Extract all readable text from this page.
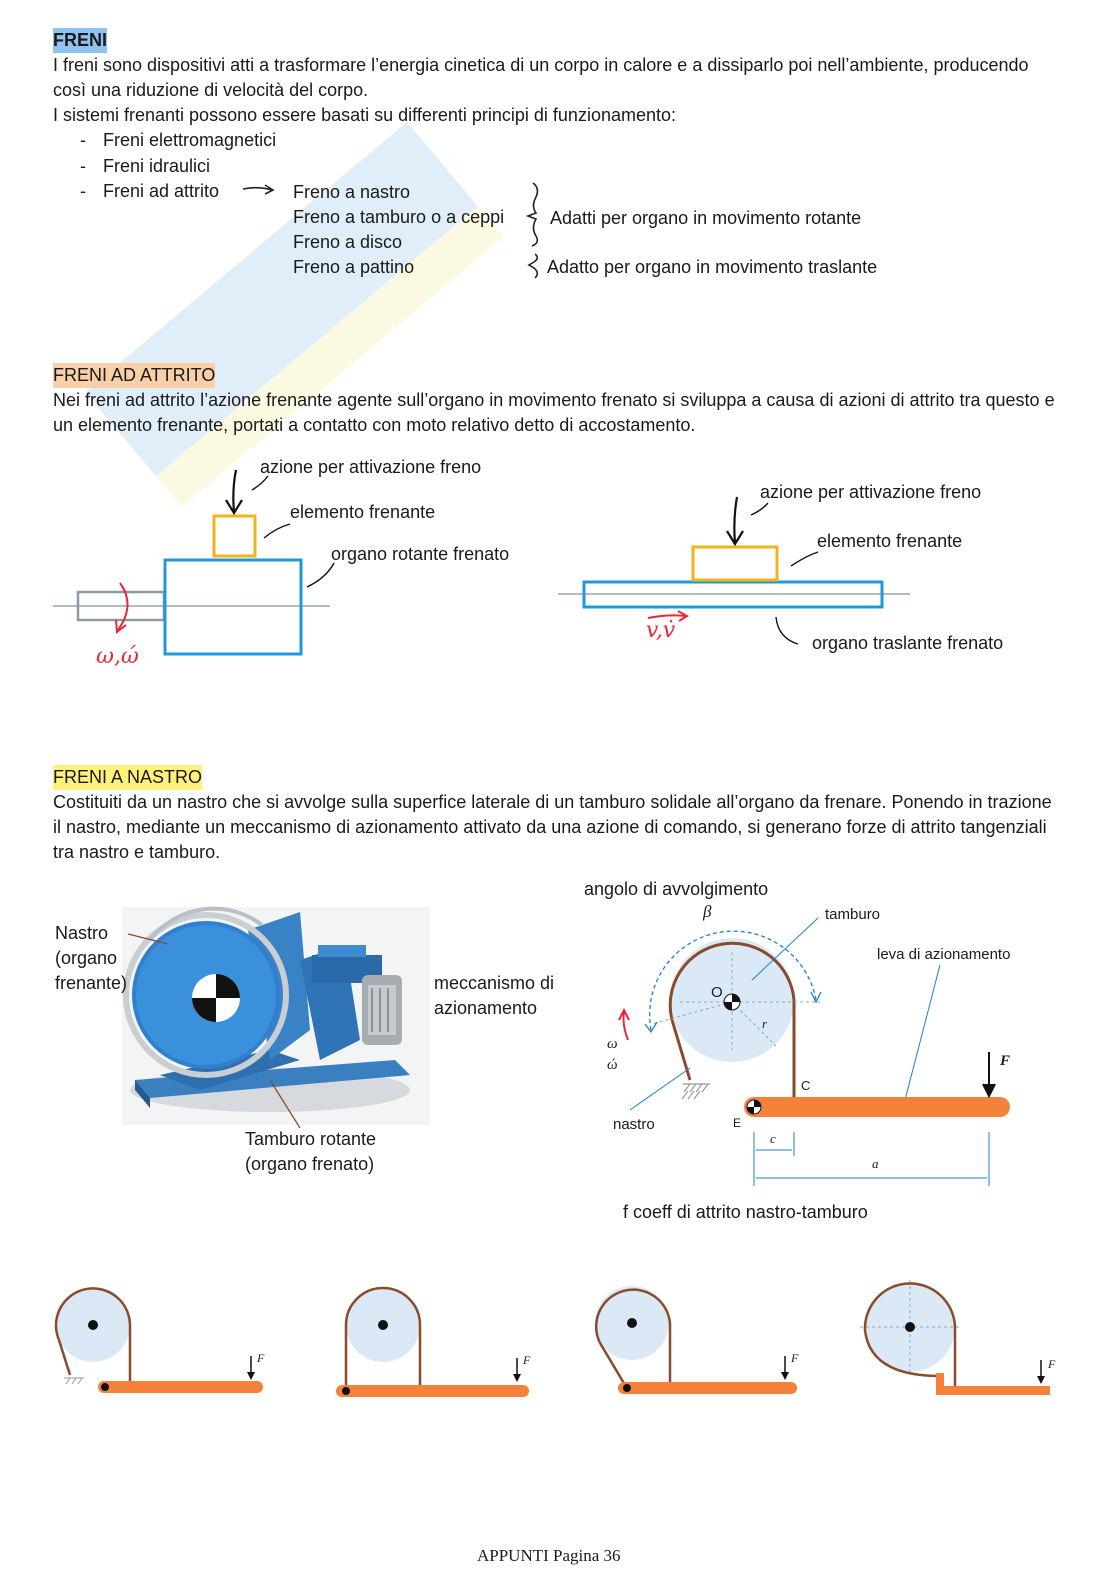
FRENI
I freni sono dispositivi atti a trasformare l’energia cinetica di un corpo in calore e a dissiparlo poi nell’ambiente, producendo così una riduzione di velocità del corpo.
I sistemi frenanti possono essere basati su differenti principi di funzionamento:
- Freni elettromagnetici
- Freni idraulici
- Freni ad attrito	Freno a nastro
Freno a tamburo o a ceppi
Freno a disco
Freno a pattino
Adatti per organo in movimento rotante
Adatto per organo in movimento traslante
FRENI AD ATTRITO
Nei freni ad attrito l’azione frenante agente sull’organo in movimento frenato si sviluppa a causa di azioni di attrito tra questo e un elemento frenante, portati a contatto con moto relativo detto di accostamento.
azione per attivazione freno
elemento frenante
organo rotante frenato
ω,ώ
azione per attivazione freno
elemento frenante
organo traslante frenato
v,v̇
FRENI A NASTRO
Costituiti da un nastro che si avvolge sulla superfice laterale di un tamburo solidale all’organo da frenare. Ponendo in trazione il nastro, mediante un meccanismo di azionamento attivato da una azione di comando, si generano forze di attrito tangenziali tra nastro e tamburo.
Nastro
(organo
frenante)	meccanismo di
azionamento
Tamburo rotante
(organo frenato)
angolo di avvolgimento
β	tamburo
leva di azionamento
O
r
ω
ώ	F
C
E
nastro
c
a
f coeff di attrito nastro-tamburo
F	F	F	F
APPUNTI Pagina 36
